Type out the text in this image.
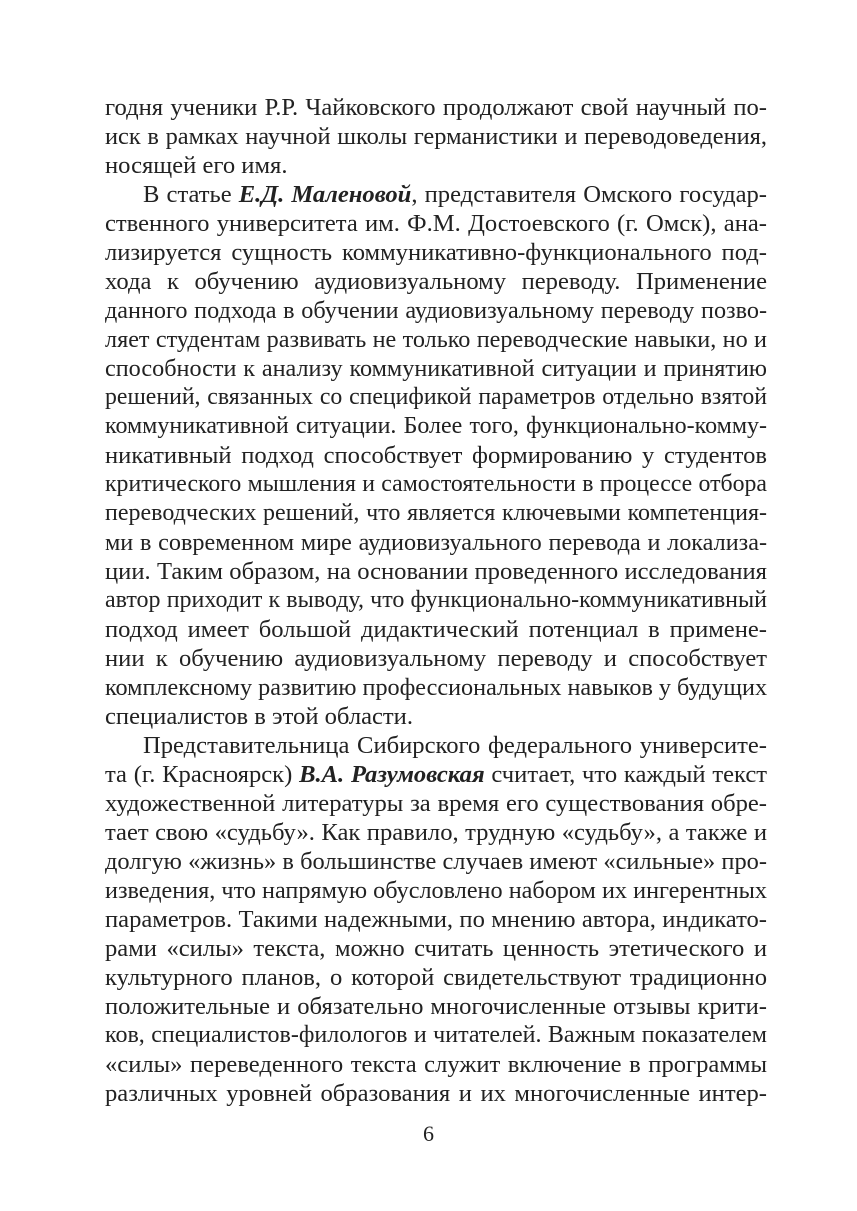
годня ученики Р.Р. Чайковского продолжают свой научный по-
иск в рамках научной школы германистики и переводоведения,
носящей его имя.
В статье Е.Д. Маленовой, представителя Омского государ-
ственного университета им. Ф.М. Достоевского (г. Омск), ана-
лизируется сущность коммуникативно-функционального под-
хода к обучению аудиовизуальному переводу. Применение
данного подхода в обучении аудиовизуальному переводу позво-
ляет студентам развивать не только переводческие навыки, но и
способности к анализу коммуникативной ситуации и принятию
решений, связанных со спецификой параметров отдельно взятой
коммуникативной ситуации. Более того, функционально-комму-
никативный подход способствует формированию у студентов
критического мышления и самостоятельности в процессе отбора
переводческих решений, что является ключевыми компетенция-
ми в современном мире аудиовизуального перевода и локализа-
ции. Таким образом, на основании проведенного исследования
автор приходит к выводу, что функционально-коммуникативный
подход имеет большой дидактический потенциал в примене-
нии к обучению аудиовизуальному переводу и способствует
комплексному развитию профессиональных навыков у будущих
специалистов в этой области.
Представительница Сибирского федерального университе-
та (г. Красноярск) В.А. Разумовская считает, что каждый текст
художественной литературы за время его существования обре-
тает свою «судьбу». Как правило, трудную «судьбу», а также и
долгую «жизнь» в большинстве случаев имеют «сильные» про-
изведения, что напрямую обусловлено набором их ингерентных
параметров. Такими надежными, по мнению автора, индикато-
рами «силы» текста, можно считать ценность этетического и
культурного планов, о которой свидетельствуют традиционно
положительные и обязательно многочисленные отзывы крити-
ков, специалистов-филологов и читателей. Важным показателем
«силы» переведенного текста служит включение в программы
различных уровней образования и их многочисленные интер-
6
